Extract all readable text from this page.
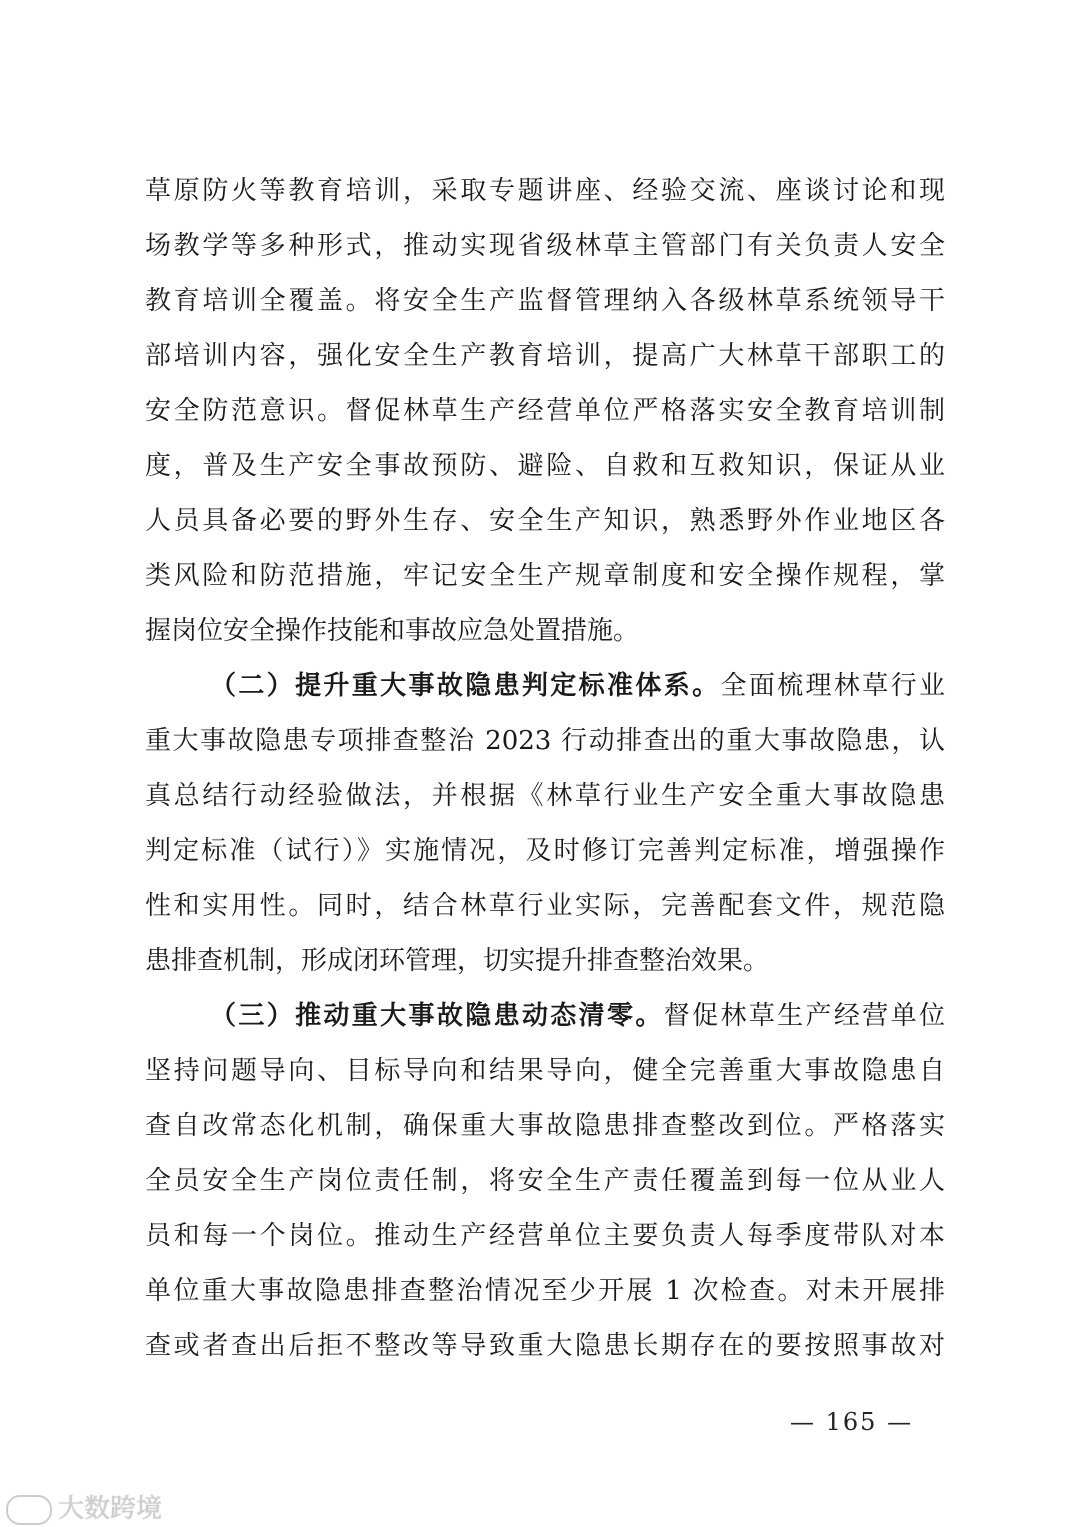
草原防火等教育培训，采取专题讲座、经验交流、座谈讨论和现
场教学等多种形式，推动实现省级林草主管部门有关负责人安全
教育培训全覆盖。将安全生产监督管理纳入各级林草系统领导干
部培训内容，强化安全生产教育培训，提高广大林草干部职工的
安全防范意识。督促林草生产经营单位严格落实安全教育培训制
度，普及生产安全事故预防、避险、自救和互救知识，保证从业
人员具备必要的野外生存、安全生产知识，熟悉野外作业地区各
类风险和防范措施，牢记安全生产规章制度和安全操作规程，掌
握岗位安全操作技能和事故应急处置措施。
（二）提升重大事故隐患判定标准体系。全面梳理林草行业
重大事故隐患专项排查整治 2023 行动排查出的重大事故隐患，认
真总结行动经验做法，并根据《林草行业生产安全重大事故隐患
判定标准（试行）》实施情况，及时修订完善判定标准，增强操作
性和实用性。同时，结合林草行业实际，完善配套文件，规范隐
患排查机制，形成闭环管理，切实提升排查整治效果。
（三）推动重大事故隐患动态清零。督促林草生产经营单位
坚持问题导向、目标导向和结果导向，健全完善重大事故隐患自
查自改常态化机制，确保重大事故隐患排查整改到位。严格落实
全员安全生产岗位责任制，将安全生产责任覆盖到每一位从业人
员和每一个岗位。推动生产经营单位主要负责人每季度带队对本
单位重大事故隐患排查整治情况至少开展 1 次检查。对未开展排
查或者查出后拒不整改等导致重大隐患长期存在的要按照事故对
— 165 —
大数跨境
